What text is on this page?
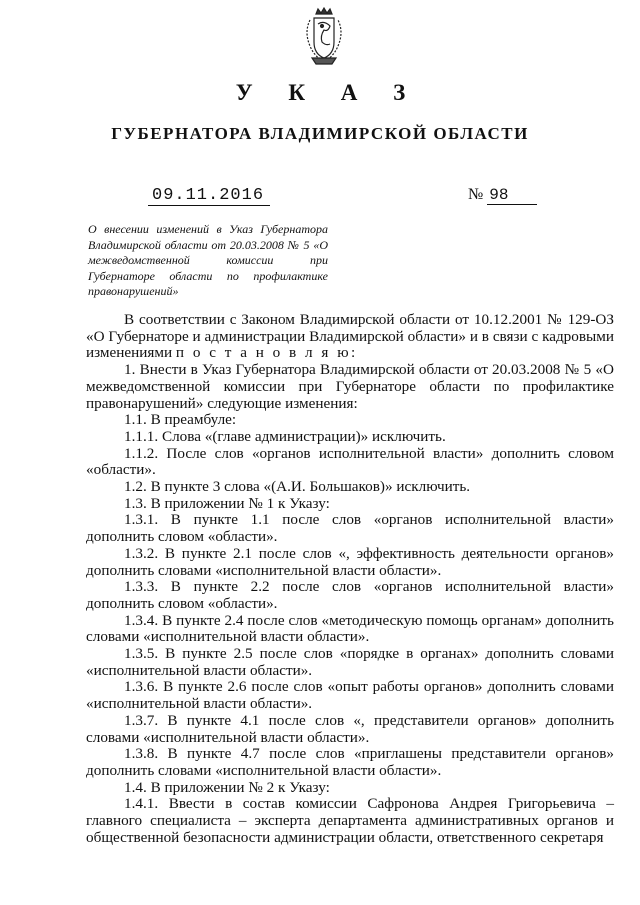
У К А З
ГУБЕРНАТОРА ВЛАДИМИРСКОЙ ОБЛАСТИ
09.11.2016	№ 98
О внесении изменений в Указ Губернатора Владимирской области от 20.03.2008 № 5 «О межведомственной комиссии при Губернаторе области по профилактике правонарушений»

В соответствии с Законом Владимирской области от 10.12.2001 № 129-ОЗ «О Губернаторе и администрации Владимирской области» и в связи с кадровыми изменениями п о с т а н о в л я ю:

1. Внести в Указ Губернатора Владимирской области от 20.03.2008 № 5 «О межведомственной комиссии при Губернаторе области по профилактике правонарушений» следующие изменения:

1.1. В преамбуле:

1.1.1. Слова «(главе администрации)» исключить.

1.1.2. После слов «органов исполнительной власти» дополнить словом «области».

1.2. В пункте 3 слова «(А.И. Большаков)» исключить.

1.3. В приложении № 1 к Указу:

1.3.1. В пункте 1.1 после слов «органов исполнительной власти» дополнить словом «области».

1.3.2. В пункте 2.1 после слов «, эффективность деятельности органов» дополнить словами «исполнительной власти области».

1.3.3. В пункте 2.2 после слов «органов исполнительной власти» дополнить словом «области».

1.3.4. В пункте 2.4 после слов «методическую помощь органам» дополнить словами «исполнительной власти области».

1.3.5. В пункте 2.5 после слов «порядке в органах» дополнить словами «исполнительной власти области».

1.3.6. В пункте 2.6 после слов «опыт работы органов» дополнить словами «исполнительной власти области».

1.3.7. В пункте 4.1 после слов «, представители органов» дополнить словами «исполнительной власти области».

1.3.8. В пункте 4.7 после слов «приглашены представители органов» дополнить словами «исполнительной власти области».

1.4. В приложении № 2 к Указу:

1.4.1. Ввести в состав комиссии Сафронова Андрея Григорьевича – главного специалиста – эксперта департамента административных органов и общественной безопасности администрации области, ответственного секретаря
